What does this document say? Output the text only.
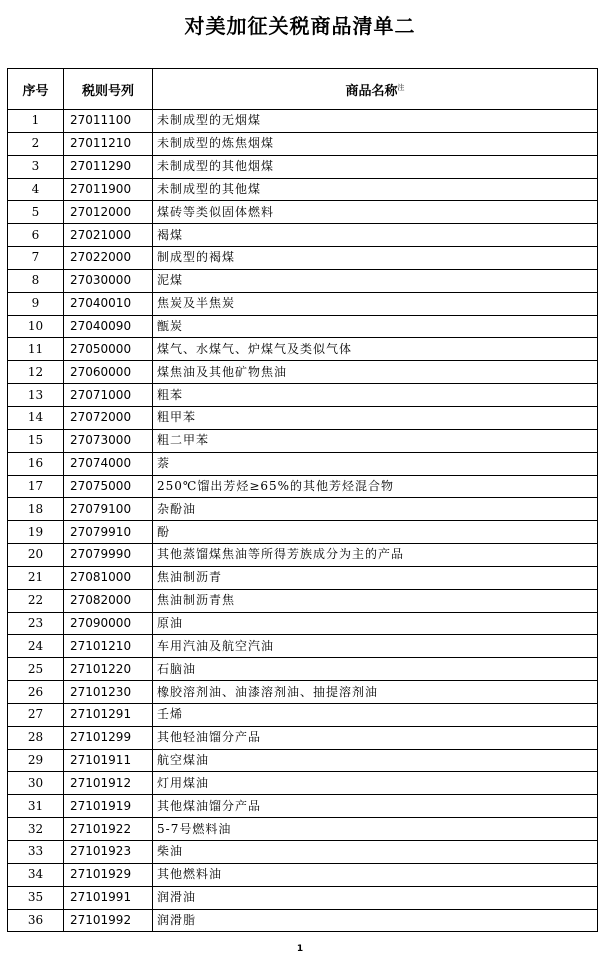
对美加征关税商品清单二
序号	税则号列	商品名称$^注$
1	27011100	未制成型的无烟煤
2	27011210	未制成型的炼焦烟煤
3	27011290	未制成型的其他烟煤
4	27011900	未制成型的其他煤
5	27012000	煤砖等类似固体燃料
6	27021000	褐煤
7	27022000	制成型的褐煤
8	27030000	泥煤
9	27040010	焦炭及半焦炭
10	27040090	甑炭
11	27050000	煤气、水煤气、炉煤气及类似气体
12	27060000	煤焦油及其他矿物焦油
13	27071000	粗苯
14	27072000	粗甲苯
15	27073000	粗二甲苯
16	27074000	萘
17	27075000	250℃馏出芳烃≥65%的其他芳烃混合物
18	27079100	杂酚油
19	27079910	酚
20	27079990	其他蒸馏煤焦油等所得芳族成分为主的产品
21	27081000	焦油制沥青
22	27082000	焦油制沥青焦
23	27090000	原油
24	27101210	车用汽油及航空汽油
25	27101220	石脑油
26	27101230	橡胶溶剂油、油漆溶剂油、抽提溶剂油
27	27101291	壬烯
28	27101299	其他轻油馏分产品
29	27101911	航空煤油
30	27101912	灯用煤油
31	27101919	其他煤油馏分产品
32	27101922	5-7号燃料油
33	27101923	柴油
34	27101929	其他燃料油
35	27101991	润滑油
36	27101992	润滑脂
1
